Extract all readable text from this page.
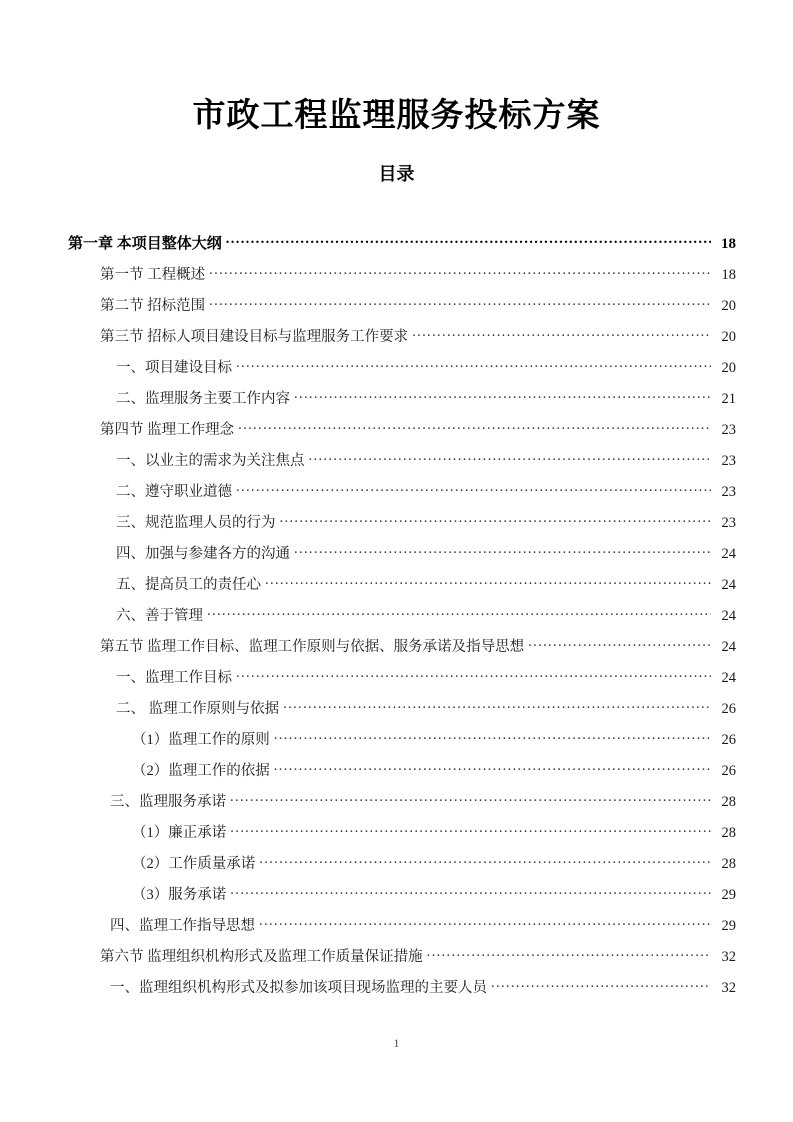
市政工程监理服务投标方案
目录
第一章 本项目整体大纲 .....	18
第一节 工程概述 .....	18
第二节 招标范围 .....	20
第三节 招标人项目建设目标与监理服务工作要求 .....	20
一、项目建设目标 .....	20
二、监理服务主要工作内容 .....	21
第四节 监理工作理念 .....	23
一、以业主的需求为关注焦点 .....	23
二、遵守职业道德 .....	23
三、规范监理人员的行为 .....	23
四、加强与参建各方的沟通 .....	24
五、提高员工的责任心 .....	24
六、善于管理 .....	24
第五节 监理工作目标、监理工作原则与依据、服务承诺及指导思想 .....	24
一、监理工作目标 .....	24
二、 监理工作原则与依据 .....	26
（1）监理工作的原则 .....	26
（2）监理工作的依据 .....	26
三、监理服务承诺 .....	28
（1）廉正承诺 .....	28
（2）工作质量承诺 .....	28
（3）服务承诺 .....	29
四、监理工作指导思想 .....	29
第六节 监理组织机构形式及监理工作质量保证措施 .....	32
一、监理组织机构形式及拟参加该项目现场监理的主要人员 .....	32
1
